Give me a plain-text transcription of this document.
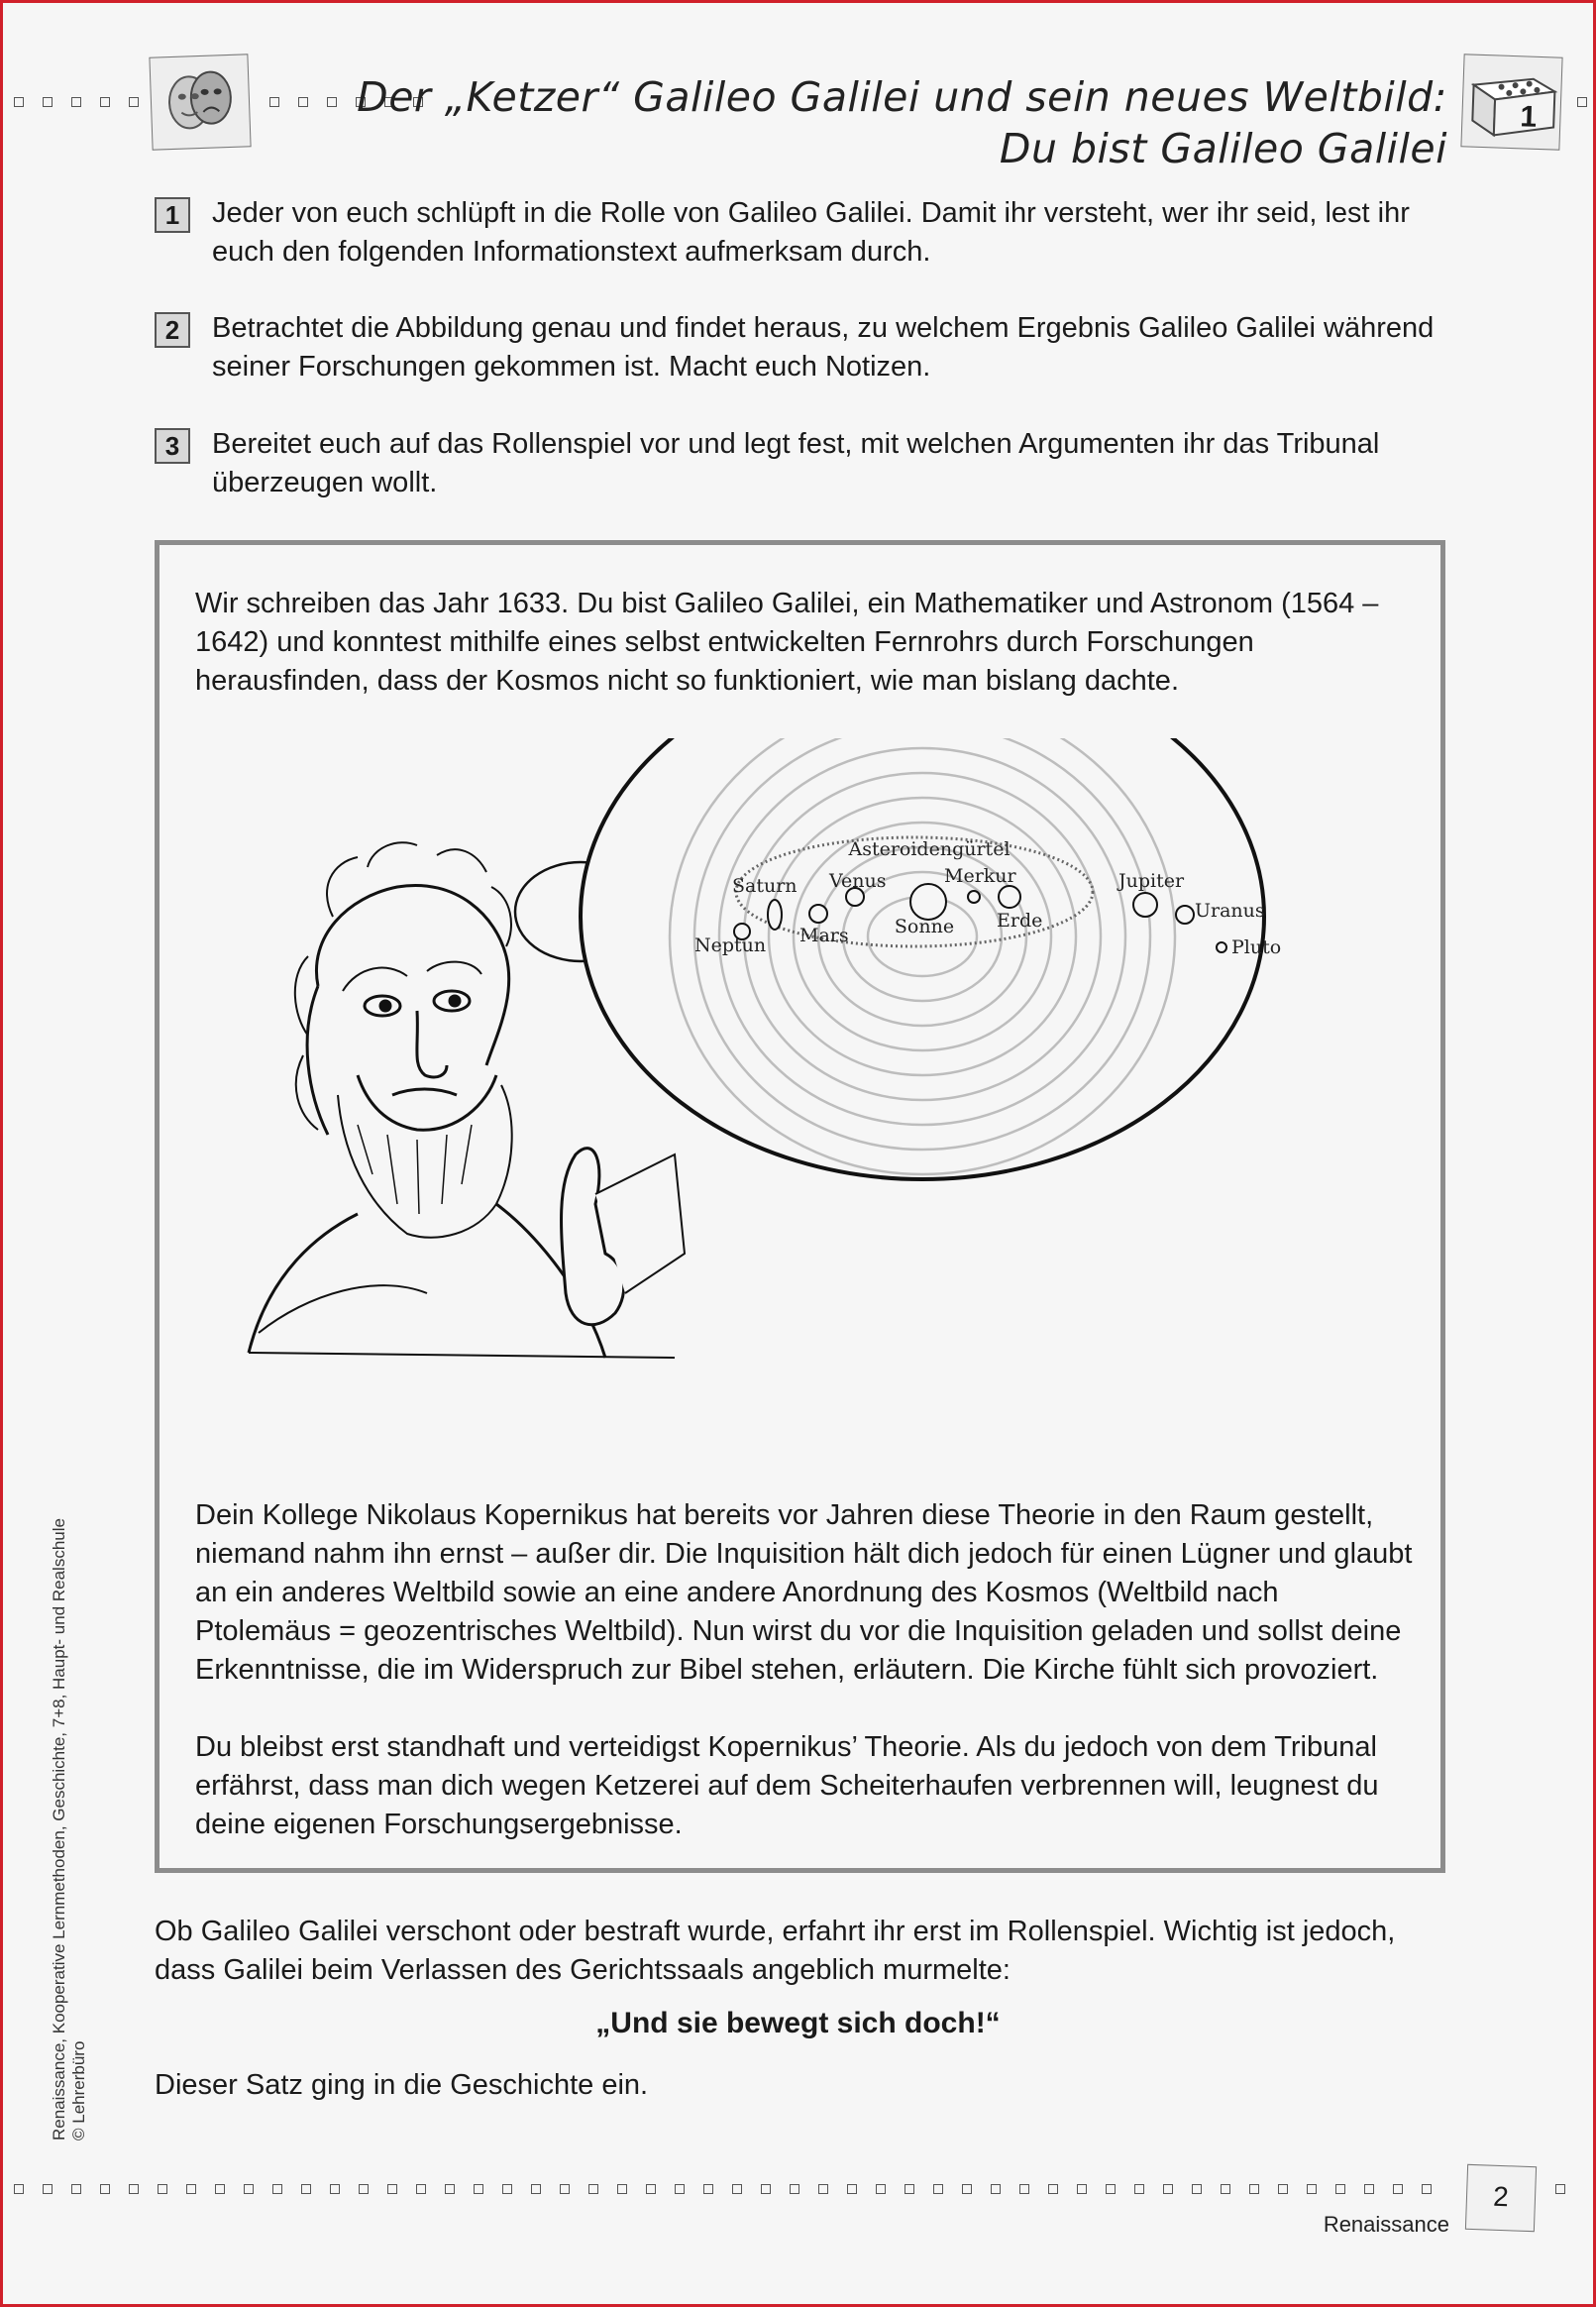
1
Der „Ketzer“ Galileo Galilei und sein neues Weltbild:
Du bist Galileo Galilei
1	Jeder von euch schlüpft in die Rolle von Galileo Galilei. Damit ihr versteht, wer ihr seid, lest ihr euch den folgenden Informationstext aufmerksam durch.
2	Betrachtet die Abbildung genau und findet heraus, zu welchem Ergebnis Galileo Galilei während seiner Forschungen gekommen ist. Macht euch Notizen.
3	Bereitet euch auf das Rollenspiel vor und legt fest, mit welchen Argumenten ihr das Tribunal überzeugen wollt.
Wir schreiben das Jahr 1633. Du bist Galileo Galilei, ein Mathematiker und Astronom (1564 – 1642) und konntest mithilfe eines selbst entwickelten Fernrohrs durch Forschungen herausfinden, dass der Kosmos nicht so funktioniert, wie man bislang dachte.
Asteroidengürtel
Saturn Venus	Merkur	Jupiter
Uranus
Neptun Mars Sonne Erde
Pluto
Dein Kollege Nikolaus Kopernikus hat bereits vor Jahren diese Theorie in den Raum gestellt, niemand nahm ihn ernst – außer dir. Die Inquisition hält dich jedoch für einen Lügner und glaubt an ein anderes Weltbild sowie an eine andere Anordnung des Kosmos (Weltbild nach Ptolemäus = geozentrisches Weltbild). Nun wirst du vor die Inquisition geladen und sollst deine Erkenntnisse, die im Widerspruch zur Bibel stehen, erläutern. Die Kirche fühlt sich provoziert.
Du bleibst erst standhaft und verteidigst Kopernikus’ Theorie. Als du jedoch von dem Tribunal erfährst, dass man dich wegen Ketzerei auf dem Scheiterhaufen verbrennen will, leugnest du deine eigenen Forschungsergebnisse.
Ob Galileo Galilei verschont oder bestraft wurde, erfahrt ihr erst im Rollenspiel. Wichtig ist jedoch, dass Galilei beim Verlassen des Gerichtssaals angeblich murmelte:
„Und sie bewegt sich doch!“
Dieser Satz ging in die Geschichte ein.
Renaissance, Kooperative Lernmethoden, Geschichte, 7+8, Haupt- und Realschule © Lehrerbüro
2
Renaissance
